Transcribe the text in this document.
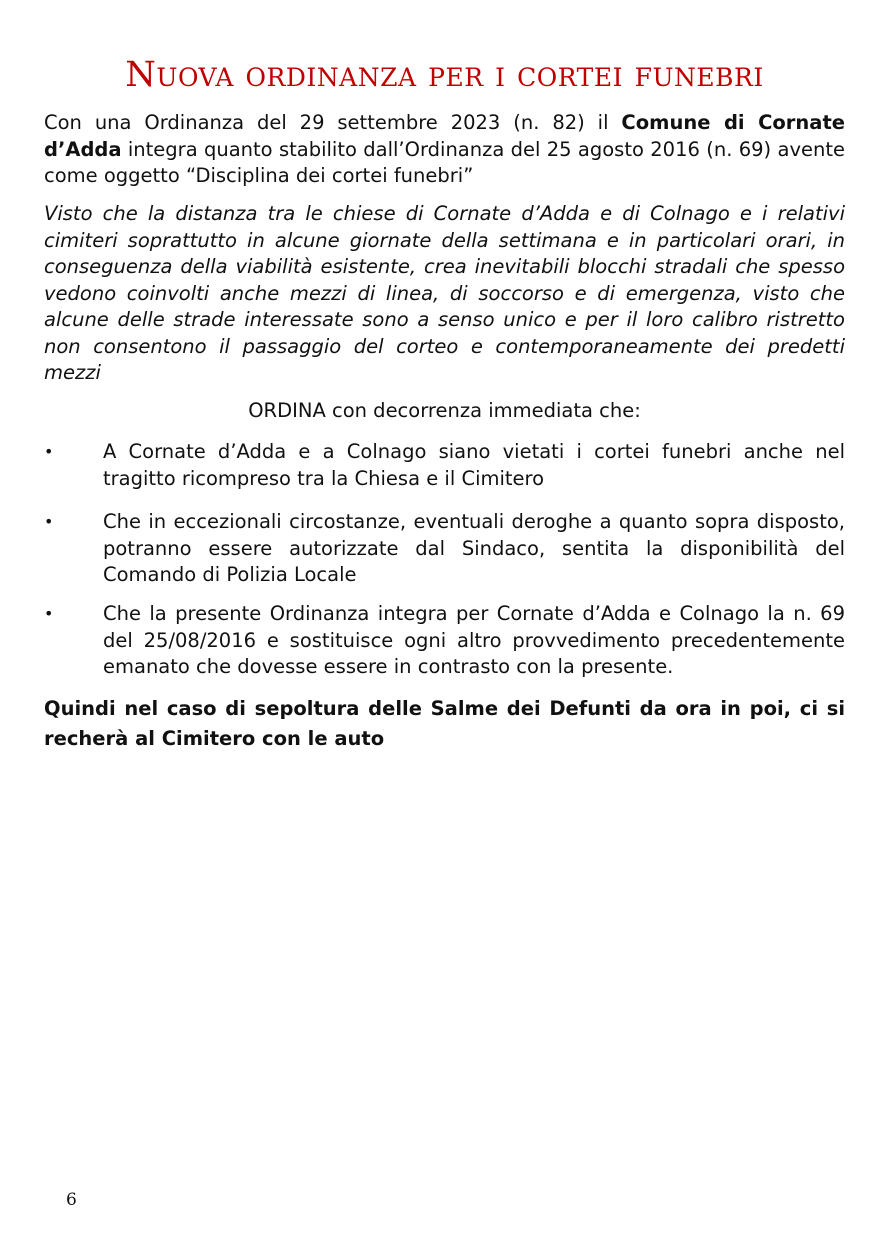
Nuova ordinanza per i cortei funebri

Con una Ordinanza del 29 settembre 2023 (n. 82) il Comune di Cornate d’Adda integra quanto stabilito dall’Ordinanza del 25 agosto 2016 (n. 69) avente come oggetto “Disciplina dei cortei funebri”

Visto che la distanza tra le chiese di Cornate d’Adda e di Colnago e i relativi cimiteri soprattutto in alcune giornate della settimana e in particolari orari, in conseguenza della viabilità esistente, crea inevitabili blocchi stradali che spesso vedono coinvolti anche mezzi di linea, di soccorso e di emergenza, visto che alcune delle strade interessate sono a senso unico e per il loro calibro ristretto non consentono il passaggio del corteo e contemporaneamente dei predetti mezzi

ORDINA con decorrenza immediata che:

•	A Cornate d’Adda e a Colnago siano vietati i cortei funebri anche nel tragitto ricompreso tra la Chiesa e il Cimitero
•	Che in eccezionali circostanze, eventuali deroghe a quanto sopra disposto, potranno essere autorizzate dal Sindaco, sentita la disponibilità del Comando di Polizia Locale
•	Che la presente Ordinanza integra per Cornate d’Adda e Colnago la n. 69 del 25/08/2016 e sostituisce ogni altro provvedimento precedentemente emanato che dovesse essere in contrasto con la presente.

Quindi nel caso di sepoltura delle Salme dei Defunti da ora in poi, ci si recherà al Cimitero con le auto

6
